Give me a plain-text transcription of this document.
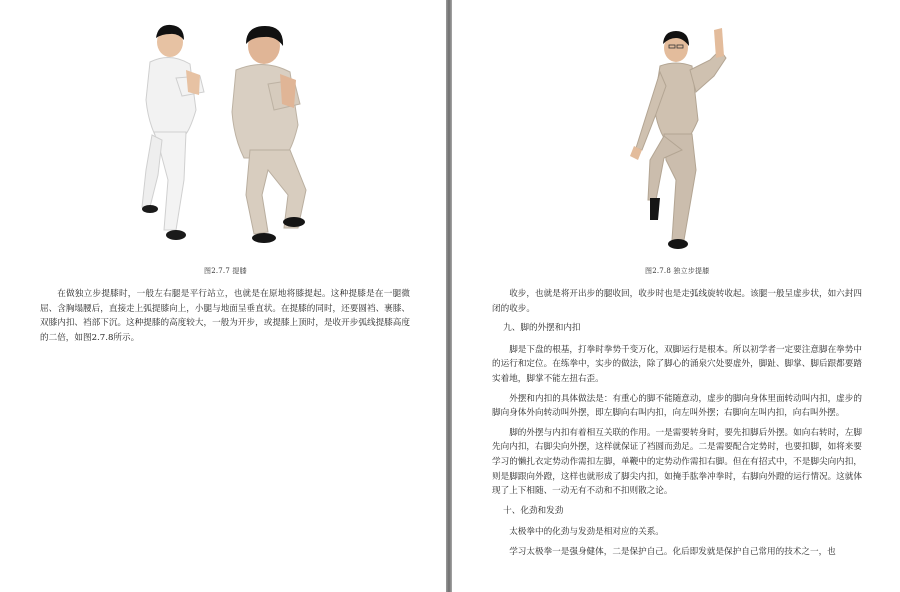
图2.7.7 提膝

在做独立步提膝时，一般左右腿是平行站立，也就是在原地将膝提起。这种提膝是在一腿微屈、含胸塌腰后，直接走上弧提膝向上，小腿与地面呈垂直状。在提膝的同时，还要圆裆、裹膝、双膝内扣、裆部下沉。这种提膝的高度较大，一般为开步，或提膝上顶时，是收开步弧线提膝高度的二倍，如图2.7.8所示。

图2.7.8 独立步提膝

收步，也就是将开出步的腿收回，收步时也是走弧线旋转收起。该腿一般呈虚步状，如六封四闭的收步。

九、脚的外摆和内扣

脚是下盘的根基，打拳时拳势千变万化，双脚运行是根本。所以初学者一定要注意脚在拳势中的运行和定位。在练拳中，实步的做法，除了脚心的涌泉穴处要虚外，脚趾、脚掌、脚后跟都要踏实着地，脚掌不能左扭右歪。

外摆和内扣的具体做法是：有重心的脚不能随意动，虚步的脚向身体里面转动叫内扣，虚步的脚向身体外向转动叫外摆，即左脚向右叫内扣，向左叫外摆；右脚向左叫内扣，向右叫外摆。

脚的外摆与内扣有着相互关联的作用。一是需要转身时，要先扣脚后外摆。如向右转时，左脚先向内扣，右脚尖向外摆，这样就保证了裆圆而劲足。二是需要配合定势时，也要扣脚，如将来要学习的懒扎衣定势动作需扣左脚，单鞭中的定势动作需扣右脚。但在有招式中，不是脚尖向内扣，则是脚跟向外蹬，这样也就形成了脚尖内扣，如掩手肱拳冲拳时，右脚向外蹬的运行情况。这就体现了上下相随、一动无有不动和不扣则散之论。

十、化劲和发劲

太极拳中的化劲与发劲是相对应的关系。

学习太极拳一是强身健体，二是保护自己。化后即发就是保护自己常用的技术之一，也
